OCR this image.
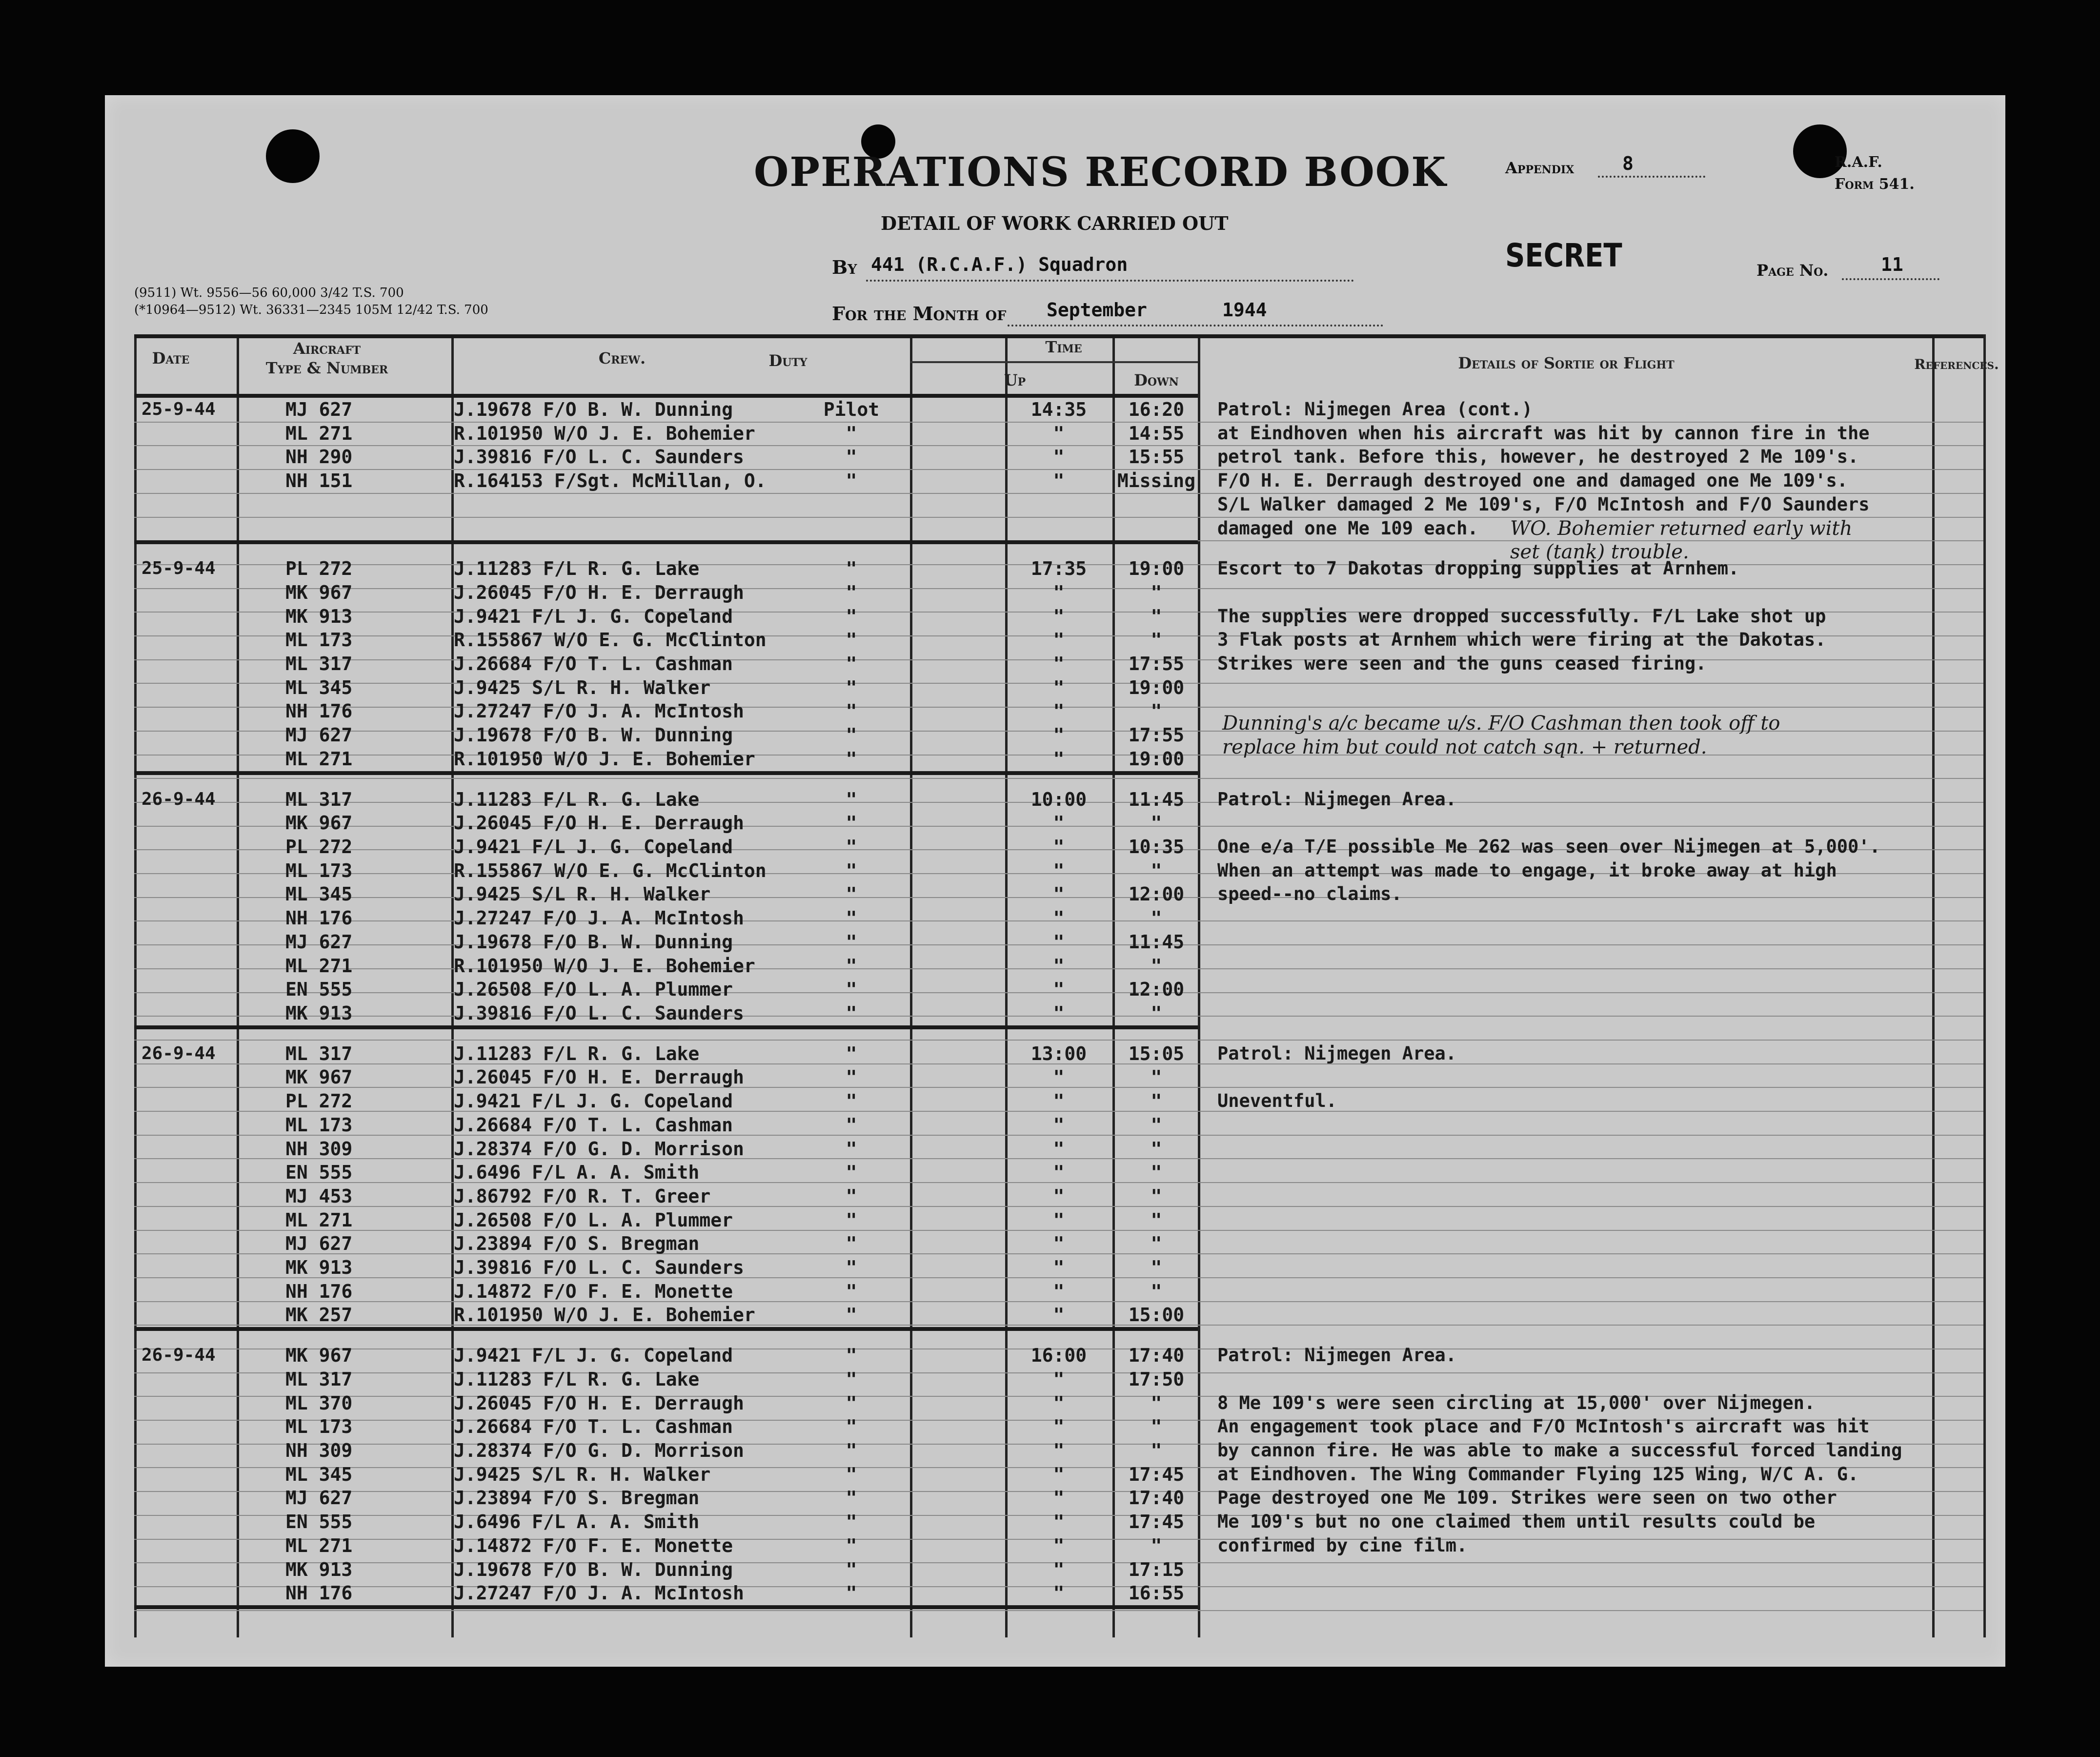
OPERATIONS RECORD BOOK
DETAIL OF WORK CARRIED OUT
By 441 (R.C.A.F.) Squadron
For the Month of September	1944
Appendix	8	R.A.F.
Form 541.
SECRET	Page No.	11
(9511) Wt. 9556—56 60,000 3/42 T.S. 700
(*10964—9512) Wt. 36331—2345 105M 12/42 T.S. 700
Date
Aircraft
Type & Number
Crew.	Duty
Time
Up	Down
Details of Sortie or Flight	References.
25-9-44	MJ 627	J.19678 F/O B. W. Dunning	Pilot	14:35	16:20
ML 271	R.101950 W/O J. E. Bohemier	"	"	14:55
NH 290	J.39816 F/O L. C. Saunders	"	"	15:55
NH 151	R.164153 F/Sgt. McMillan, O.	"	"	Missing
Patrol: Nijmegen Area (cont.)
at Eindhoven when his aircraft was hit by cannon fire in the
petrol tank. Before this, however, he destroyed 2 Me 109's.
F/O H. E. Derraugh destroyed one and damaged one Me 109's.
S/L Walker damaged 2 Me 109's, F/O McIntosh and F/O Saunders
damaged one Me 109 each. WO. Bohemier returned early with
set (tank) trouble.
25-9-44	PL 272	J.11283 F/L R. G. Lake	"	17:35	19:00
MK 967	J.26045 F/O H. E. Derraugh	"	"	"
MK 913	J.9421 F/L J. G. Copeland	"	"	"
ML 173	R.155867 W/O E. G. McClinton	"	"	"
ML 317	J.26684 F/O T. L. Cashman	"	"	17:55
ML 345	J.9425 S/L R. H. Walker	"	"	19:00
NH 176	J.27247 F/O J. A. McIntosh	"	"	"
MJ 627	J.19678 F/O B. W. Dunning	"	"	17:55
ML 271	R.101950 W/O J. E. Bohemier	"	"	19:00
Escort to 7 Dakotas dropping supplies at Arnhem.
The supplies were dropped successfully. F/L Lake shot up
3 Flak posts at Arnhem which were firing at the Dakotas.
Strikes were seen and the guns ceased firing.
Dunning's a/c became u/s. F/O Cashman then took off to
replace him but could not catch sqn. + returned.
26-9-44	ML 317	J.11283 F/L R. G. Lake	"	10:00	11:45
MK 967	J.26045 F/O H. E. Derraugh	"	"	"
PL 272	J.9421 F/L J. G. Copeland	"	"	10:35
ML 173	R.155867 W/O E. G. McClinton	"	"	"
ML 345	J.9425 S/L R. H. Walker	"	"	12:00
NH 176	J.27247 F/O J. A. McIntosh	"	"	"
MJ 627	J.19678 F/O B. W. Dunning	"	"	11:45
ML 271	R.101950 W/O J. E. Bohemier	"	"	"
EN 555	J.26508 F/O L. A. Plummer	"	"	12:00
MK 913	J.39816 F/O L. C. Saunders	"	"	"
Patrol: Nijmegen Area.
One e/a T/E possible Me 262 was seen over Nijmegen at 5,000'.
When an attempt was made to engage, it broke away at high
speed--no claims.
26-9-44	ML 317	J.11283 F/L R. G. Lake	"	13:00	15:05
MK 967	J.26045 F/O H. E. Derraugh	"	"	"
PL 272	J.9421 F/L J. G. Copeland	"	"	"
ML 173	J.26684 F/O T. L. Cashman	"	"	"
NH 309	J.28374 F/O G. D. Morrison	"	"	"
EN 555	J.6496 F/L A. A. Smith	"	"	"
MJ 453	J.86792 F/O R. T. Greer	"	"	"
ML 271	J.26508 F/O L. A. Plummer	"	"	"
MJ 627	J.23894 F/O S. Bregman	"	"	"
MK 913	J.39816 F/O L. C. Saunders	"	"	"
NH 176	J.14872 F/O F. E. Monette	"	"	"
MK 257	R.101950 W/O J. E. Bohemier	"	"	15:00
Patrol: Nijmegen Area.
Uneventful.
26-9-44	MK 967	J.9421 F/L J. G. Copeland	"	16:00	17:40
ML 317	J.11283 F/L R. G. Lake	"	"	17:50
ML 370	J.26045 F/O H. E. Derraugh	"	"	"
ML 173	J.26684 F/O T. L. Cashman	"	"	"
NH 309	J.28374 F/O G. D. Morrison	"	"	"
ML 345	J.9425 S/L R. H. Walker	"	"	17:45
MJ 627	J.23894 F/O S. Bregman	"	"	17:40
EN 555	J.6496 F/L A. A. Smith	"	"	17:45
ML 271	J.14872 F/O F. E. Monette	"	"	"
MK 913	J.19678 F/O B. W. Dunning	"	"	17:15
NH 176	J.27247 F/O J. A. McIntosh	"	"	16:55
Patrol: Nijmegen Area.
8 Me 109's were seen circling at 15,000' over Nijmegen.
An engagement took place and F/O McIntosh's aircraft was hit
by cannon fire. He was able to make a successful forced landing
at Eindhoven. The Wing Commander Flying 125 Wing, W/C A. G.
Page destroyed one Me 109. Strikes were seen on two other
Me 109's but no one claimed them until results could be
confirmed by cine film.
